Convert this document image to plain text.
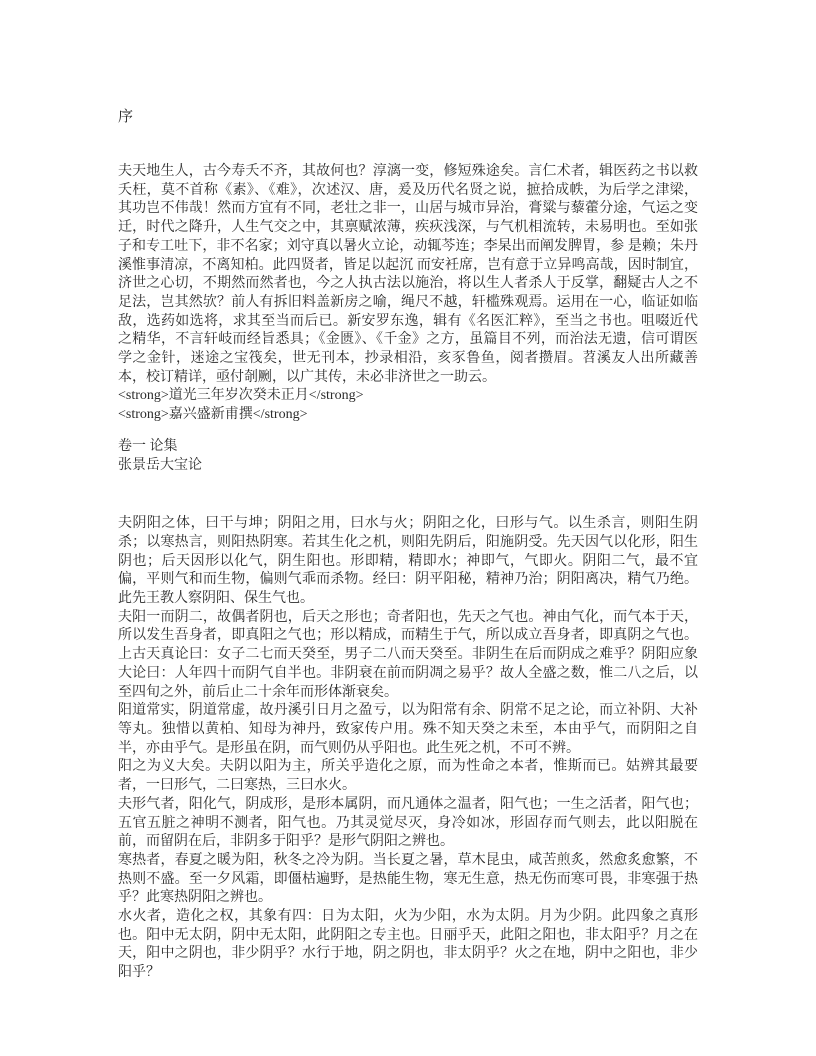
序

夫天地生人，古今寿夭不齐，其故何也？淳漓一变，修短殊途矣。言仁术者，辑医药之书以救夭枉，莫不首称《素》、《难》，次述汉、唐，爰及历代名贤之说，摭拾成帙，为后学之津梁，其功岂不伟哉！然而方宜有不同，老壮之非一，山居与城市异治，膏粱与藜藿分途，气运之变迁，时代之降升，人生气交之中，其禀赋浓薄，疾疢浅深，与气机相流转，未易明也。至如张子和专工吐下，非不名家；刘守真以暑火立论，动辄芩连；李杲出而阐发脾胃，参 是赖；朱丹溪惟事清凉，不离知柏。此四贤者，皆足以起沉 而安衽席，岂有意于立异鸣高哉，因时制宜，济世之心切，不期然而然者也，今之人执古法以施治，将以生人者杀人于反掌，翻疑古人之不足法，岂其然欤？前人有拆旧料盖新房之喻，绳尺不越，轩槛殊观焉。运用在一心，临证如临敌，选药如选将，求其至当而后已。新安罗东逸，辑有《名医汇粹》，至当之书也。咀啜近代之精华，不言轩岐而经旨悉具；《金匮》、《千金》之方，虽篇目不列，而治法无遗，信可谓医学之金针，迷途之宝筏矣，世无刊本，抄录相沿，亥豕鲁鱼，阅者攒眉。苕溪友人出所藏善本，校订精详，亟付剞劂，以广其传，未必非济世之一助云。

<strong>道光三年岁次癸未正月</strong>

<strong>嘉兴盛新甫撰</strong>

卷一 论集

张景岳大宝论

夫阴阳之体，曰干与坤；阴阳之用，曰水与火；阴阳之化，曰形与气。以生杀言，则阳生阴杀；以寒热言，则阳热阴寒。若其生化之机，则阳先阴后，阳施阴受。先天因气以化形，阳生阴也；后天因形以化气，阴生阳也。形即精，精即水；神即气，气即火。阴阳二气，最不宜偏，平则气和而生物，偏则气乖而杀物。经曰：阴平阳秘，精神乃治；阴阳离决，精气乃绝。此先王教人察阴阳、保生气也。

夫阳一而阴二，故偶者阴也，后天之形也；奇者阳也，先天之气也。神由气化，而气本于天，所以发生吾身者，即真阳之气也；形以精成，而精生于气，所以成立吾身者，即真阴之气也。上古天真论曰：女子二七而天癸至，男子二八而天癸至。非阴生在后而阴成之难乎？阴阳应象大论曰：人年四十而阴气自半也。非阴衰在前而阴凋之易乎？故人全盛之数，惟二八之后，以至四旬之外，前后止二十余年而形体渐衰矣。

阳道常实，阴道常虚，故丹溪引日月之盈亏，以为阳常有余、阴常不足之论，而立补阴、大补等丸。独惜以黄柏、知母为神丹，致家传户用。殊不知天癸之未至，本由乎气，而阴阳之自半，亦由乎气。是形虽在阴，而气则仍从乎阳也。此生死之机，不可不辨。

阳之为义大矣。夫阴以阳为主，所关乎造化之原，而为性命之本者，惟斯而已。姑辨其最要者，一曰形气，二曰寒热，三曰水火。

夫形气者，阳化气，阴成形，是形本属阴，而凡通体之温者，阳气也；一生之活者，阳气也；五官五脏之神明不测者，阳气也。乃其灵觉尽灭，身冷如冰，形固存而气则去，此以阳脱在前，而留阴在后，非阴多于阳乎？是形气阴阳之辨也。

寒热者，春夏之暖为阳，秋冬之冷为阴。当长夏之暑，草木昆虫，咸苦煎炙，然愈炙愈繁，不热则不盛。至一夕风霜，即僵枯遍野，是热能生物，寒无生意，热无伤而寒可畏，非寒强于热乎？此寒热阴阳之辨也。

水火者，造化之权，其象有四：日为太阳，火为少阳，水为太阴。月为少阴。此四象之真形也。阳中无太阴，阴中无太阳，此阴阳之专主也。日丽乎天，此阳之阳也，非太阳乎？月之在天，阳中之阴也，非少阴乎？水行于地，阴之阴也，非太阴乎？火之在地，阴中之阳也，非少阳乎？
